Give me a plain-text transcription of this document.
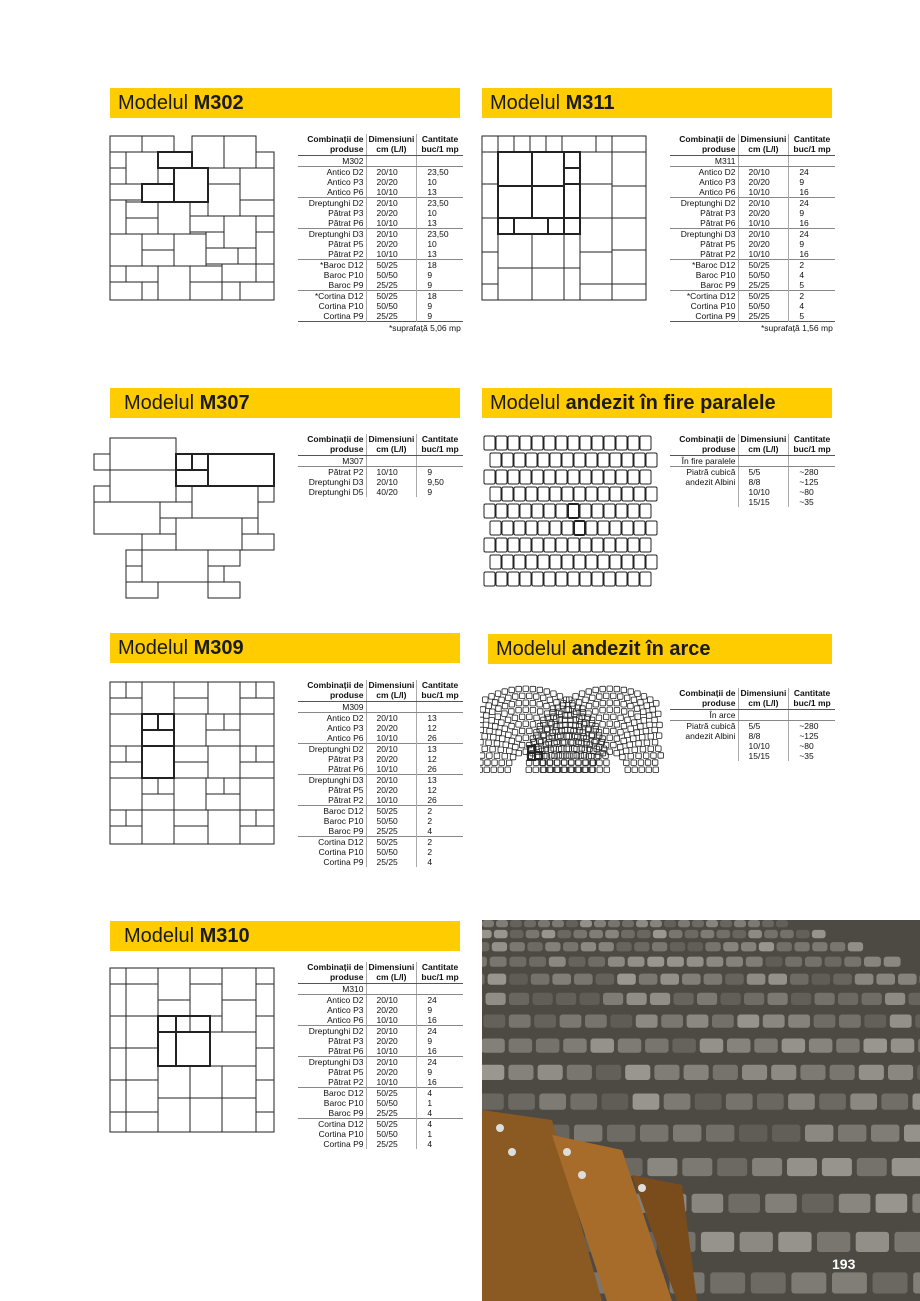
Modelul M302	Modelul M311
Modelul M307	Modelul andezit în fire paralele
Modelul M309	Modelul andezit în arce
Modelul M310
Combinații de produse	Dimensiuni cm (L/l)	Cantitate buc/1 mp
M302		
Antico D2	20/10	23,50
Antico P3	20/20	10
Antico P6	10/10	13
Dreptunghi D2	20/10	23,50
Pătrat P3	20/20	10
Pătrat P6	10/10	13
Dreptunghi D3	20/10	23,50
Pătrat P5	20/20	10
Pătrat P2	10/10	13
*Baroc D12	50/25	18
Baroc P10	50/50	9
Baroc P9	25/25	9
*Cortina D12	50/25	18
Cortina P10	50/50	9
Cortina P9	25/25	9
*suprafață 5,06 mp		
Combinații de produse	Dimensiuni cm (L/l)	Cantitate buc/1 mp
M311		
Antico D2	20/10	24
Antico P3	20/20	9
Antico P6	10/10	16
Dreptunghi D2	20/10	24
Pătrat P3	20/20	9
Pătrat P6	10/10	16
Dreptunghi D3	20/10	24
Pătrat P5	20/20	9
Pătrat P2	10/10	16
*Baroc D12	50/25	2
Baroc P10	50/50	4
Baroc P9	25/25	5
*Cortina D12	50/25	2
Cortina P10	50/50	4
Cortina P9	25/25	5
*suprafață 1,56 mp		
Combinații de produse	Dimensiuni cm (L/l)	Cantitate buc/1 mp
M307		
Pătrat P2	10/10	9
Dreptunghi D3	20/10	9,50
Dreptunghi D5	40/20	9
Combinații de produse	Dimensiuni cm (L/l)	Cantitate buc/1 mp
În fire paralele		
Piatră cubică	5/5	~280
andezit Albini	8/8	~125
	10/10	~80
	15/15	~35
Combinații de produse	Dimensiuni cm (L/l)	Cantitate buc/1 mp
M309		
Antico D2	20/10	13
Antico P3	20/20	12
Antico P6	10/10	26
Dreptunghi D2	20/10	13
Pătrat P3	20/20	12
Pătrat P6	10/10	26
Dreptunghi D3	20/10	13
Pătrat P5	20/20	12
Pătrat P2	10/10	26
Baroc D12	50/25	2
Baroc P10	50/50	2
Baroc P9	25/25	4
Cortina D12	50/25	2
Cortina P10	50/50	2
Cortina P9	25/25	4
Combinații de produse	Dimensiuni cm (L/l)	Cantitate buc/1 mp
În arce		
Piatră cubică	5/5	~280
andezit Albini	8/8	~125
	10/10	~80
	15/15	~35
Combinații de produse	Dimensiuni cm (L/l)	Cantitate buc/1 mp
M310		
Antico D2	20/10	24
Antico P3	20/20	9
Antico P6	10/10	16
Dreptunghi D2	20/10	24
Pătrat P3	20/20	9
Pătrat P6	10/10	16
Dreptunghi D3	20/10	24
Pătrat P5	20/20	9
Pătrat P2	10/10	16
Baroc D12	50/25	4
Baroc P10	50/50	1
Baroc P9	25/25	4
Cortina D12	50/25	4
Cortina P10	50/50	1
Cortina P9	25/25	4
193
